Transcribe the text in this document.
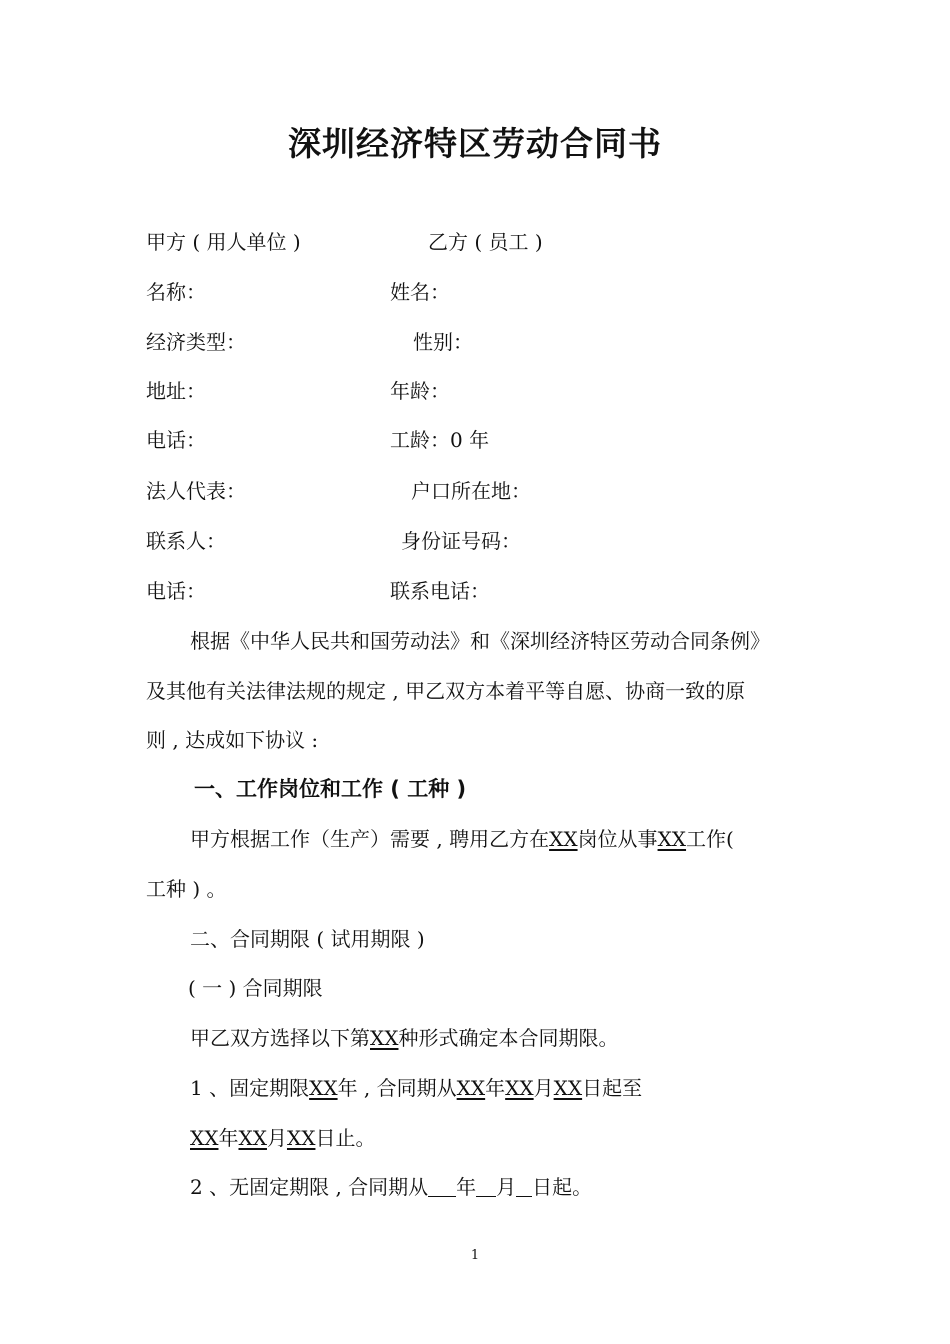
深圳经济特区劳动合同书
甲方 ( 用人单位 )	乙方 ( 员工 )
名称：	姓名：
经济类型：	性别：
地址：	年龄：
电话：	工龄：0 年
法人代表：	户口所在地：
联系人：	身份证号码：
电话：	联系电话：
根据《中华人民共和国劳动法》和《深圳经济特区劳动合同条例》
及其他有关法律法规的规定 , 甲乙双方本着平等自愿、协商一致的原
则 , 达成如下协议 :
一、工作岗位和工作 ( 工种 )
甲方根据工作（生产）需要 , 聘用乙方在XX岗位从事XX工作(
工种 ) 。
二、合同期限 ( 试用期限 )
( 一 ) 合同期限
甲乙双方选择以下第XX种形式确定本合同期限。
1 、固定期限XX年 , 合同期从XX年XX月XX日起至
XX年XX月XX日止。
2 、无固定期限 , 合同期从 年 月 日起。
1
